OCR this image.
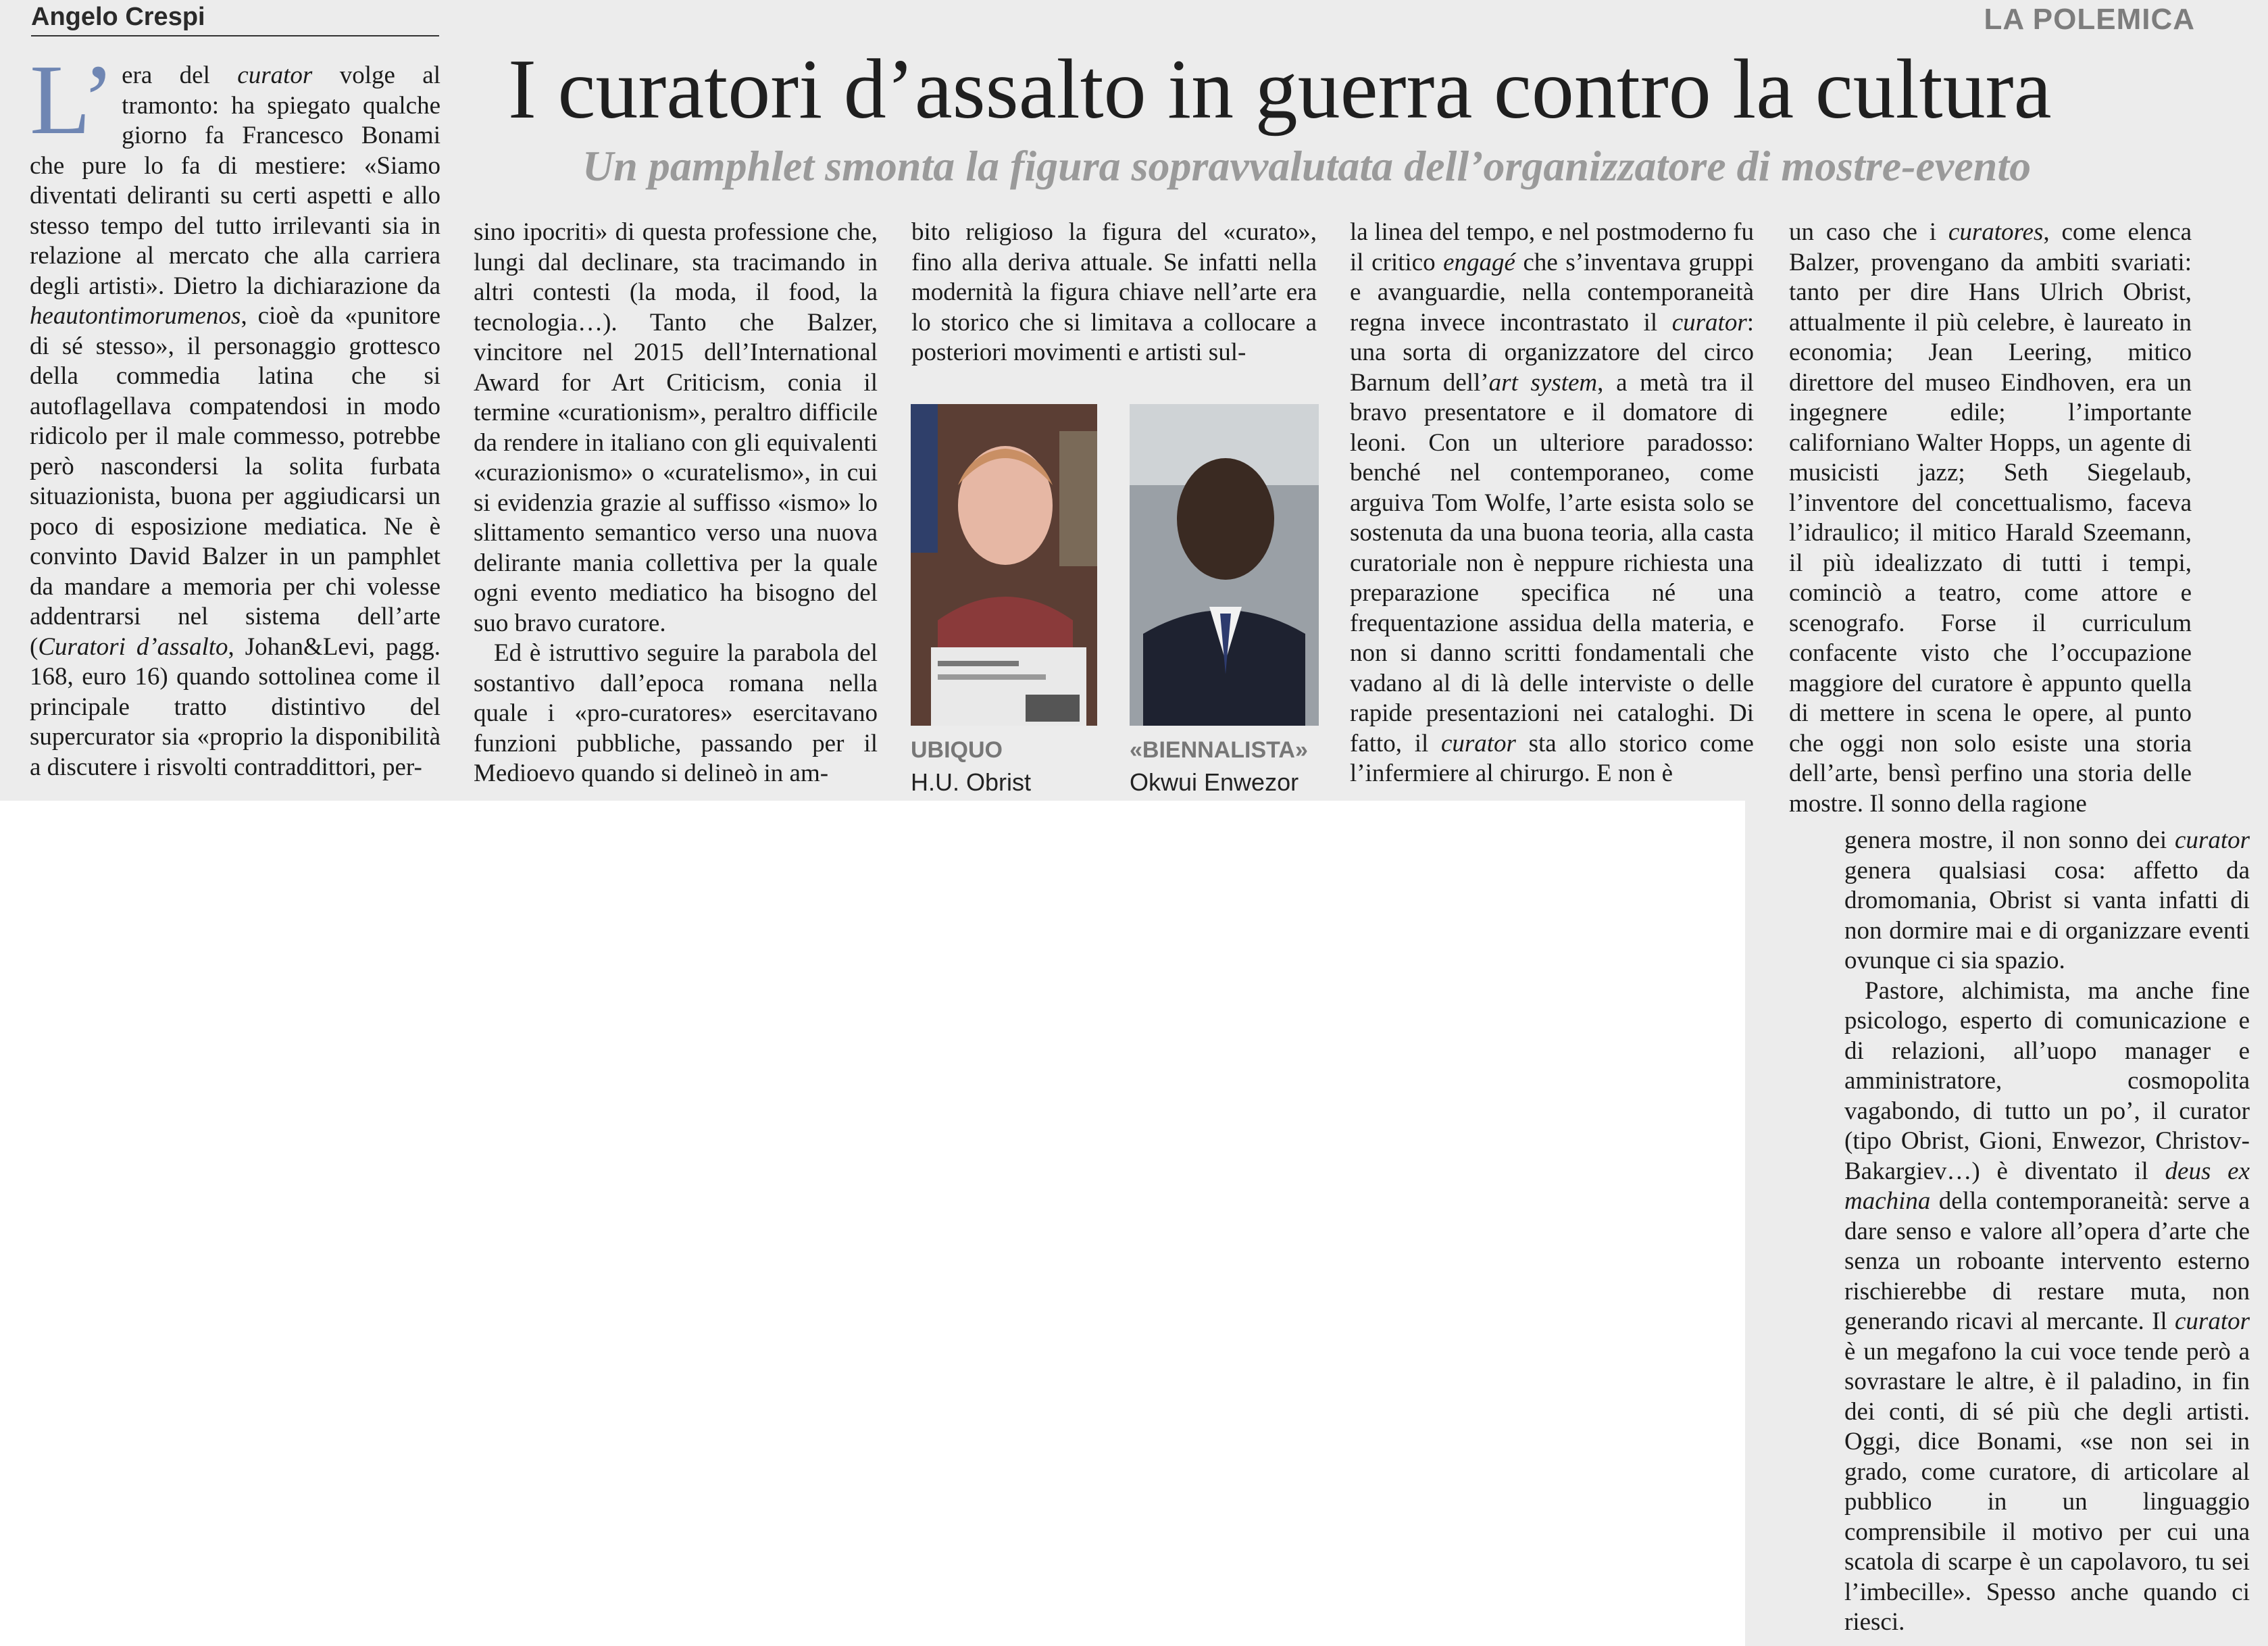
Angelo Crespi	LA POLEMICA
I curatori d’assalto in guerra contro la cultura
Un pamphlet smonta la figura sopravvalutata dell’organizzatore di mostre-evento
L’ era del curator volge al tramonto: ha spiegato qualche giorno fa Francesco Bonami che pure lo fa di mestiere: «Siamo diventati deliranti su certi aspetti e allo stesso tempo del tutto irrilevanti sia in relazione al mercato che alla carriera degli artisti». Dietro la dichiarazione da heautontimorumenos, cioè da «punitore di sé stesso», il personaggio grottesco della commedia latina che si autoflagellava compatendosi in modo ridicolo per il male commesso, potrebbe però nascondersi la solita furbata situazionista, buona per aggiudicarsi un poco di esposizione mediatica. Ne è convinto David Balzer in un pamphlet da mandare a memoria per chi volesse addentrarsi nel sistema dell’arte (Curatori d’assalto, Johan&Levi, pagg. 168, euro 16) quando sottolinea come il principale tratto distintivo del supercurator sia «proprio la disponibilità a discutere i risvolti contraddittori, per-

sino ipocriti» di questa professione che, lungi dal declinare, sta tracimando in altri contesti (la moda, il food, la tecnologia…). Tanto che Balzer, vincitore nel 2015 dell’International Award for Art Criticism, conia il termine «curationism», peraltro difficile da rendere in italiano con gli equivalenti «curazionismo» o «curatelismo», in cui si evidenzia grazie al suffisso «ismo» lo slittamento semantico verso una nuova delirante mania collettiva per la quale ogni evento mediatico ha bisogno del suo bravo curatore.

Ed è istruttivo seguire la parabola del sostantivo dall’epoca romana nella quale i «pro-curatores» esercitavano funzioni pubbliche, passando per il Medioevo quando si delineò in am-

bito religioso la figura del «curato», fino alla deriva attuale. Se infatti nella modernità la figura chiave nell’arte era lo storico che si limitava a collocare a posteriori movimenti e artisti sul-
UBIQUO
H.U. Obrist
«BIENNALISTA»
Okwui Enwezor
la linea del tempo, e nel postmoderno fu il critico engagé che s’inventava gruppi e avanguardie, nella contemporaneità regna invece incontrastato il curator: una sorta di organizzatore del circo Barnum dell’art system, a metà tra il bravo presentatore e il domatore di leoni. Con un ulteriore paradosso: benché nel contemporaneo, come arguiva Tom Wolfe, l’arte esista solo se sostenuta da una buona teoria, alla casta curatoriale non è neppure richiesta una preparazione specifica né una frequentazione assidua della materia, e non si danno scritti fondamentali che vadano al di là delle interviste o delle rapide presentazioni nei cataloghi. Di fatto, il curator sta allo storico come l’infermiere al chirurgo. E non è
un caso che i curatores, come elenca Balzer, provengano da ambiti svariati: tanto per dire Hans Ulrich Obrist, attualmente il più celebre, è laureato in economia; Jean Leering, mitico direttore del museo Eindhoven, era un ingegnere edile; l’importante californiano Walter Hopps, un agente di musicisti jazz; Seth Siegelaub, l’inventore del concettualismo, faceva l’idraulico; il mitico Harald Szeemann, il più idealizzato di tutti i tempi, cominciò a teatro, come attore e scenografo. Forse il curriculum confacente visto che l’occupazione maggiore del curatore è appunto quella di mettere in scena le opere, al punto che oggi non solo esiste una storia dell’arte, bensì perfino una storia delle mostre. Il sonno della ragione

genera mostre, il non sonno dei curator genera qualsiasi cosa: affetto da dromomania, Obrist si vanta infatti di non dormire mai e di organizzare eventi ovunque ci sia spazio.

Pastore, alchimista, ma anche fine psicologo, esperto di comunicazione e di relazioni, all’uopo manager e amministratore, cosmopolita vagabondo, di tutto un po’, il curator (tipo Obrist, Gioni, Enwezor, Christov-Bakargiev…) è diventato il deus ex machina della contemporaneità: serve a dare senso e valore all’opera d’arte che senza un roboante intervento esterno rischierebbe di restare muta, non generando ricavi al mercante. Il curator è un megafono la cui voce tende però a sovrastare le altre, è il paladino, in fin dei conti, di sé più che degli artisti. Oggi, dice Bonami, «se non sei in grado, come curatore, di articolare al pubblico in un linguaggio comprensibile il motivo per cui una scatola di scarpe è un capolavoro, tu sei l’imbecille». Spesso anche quando ci riesci.
